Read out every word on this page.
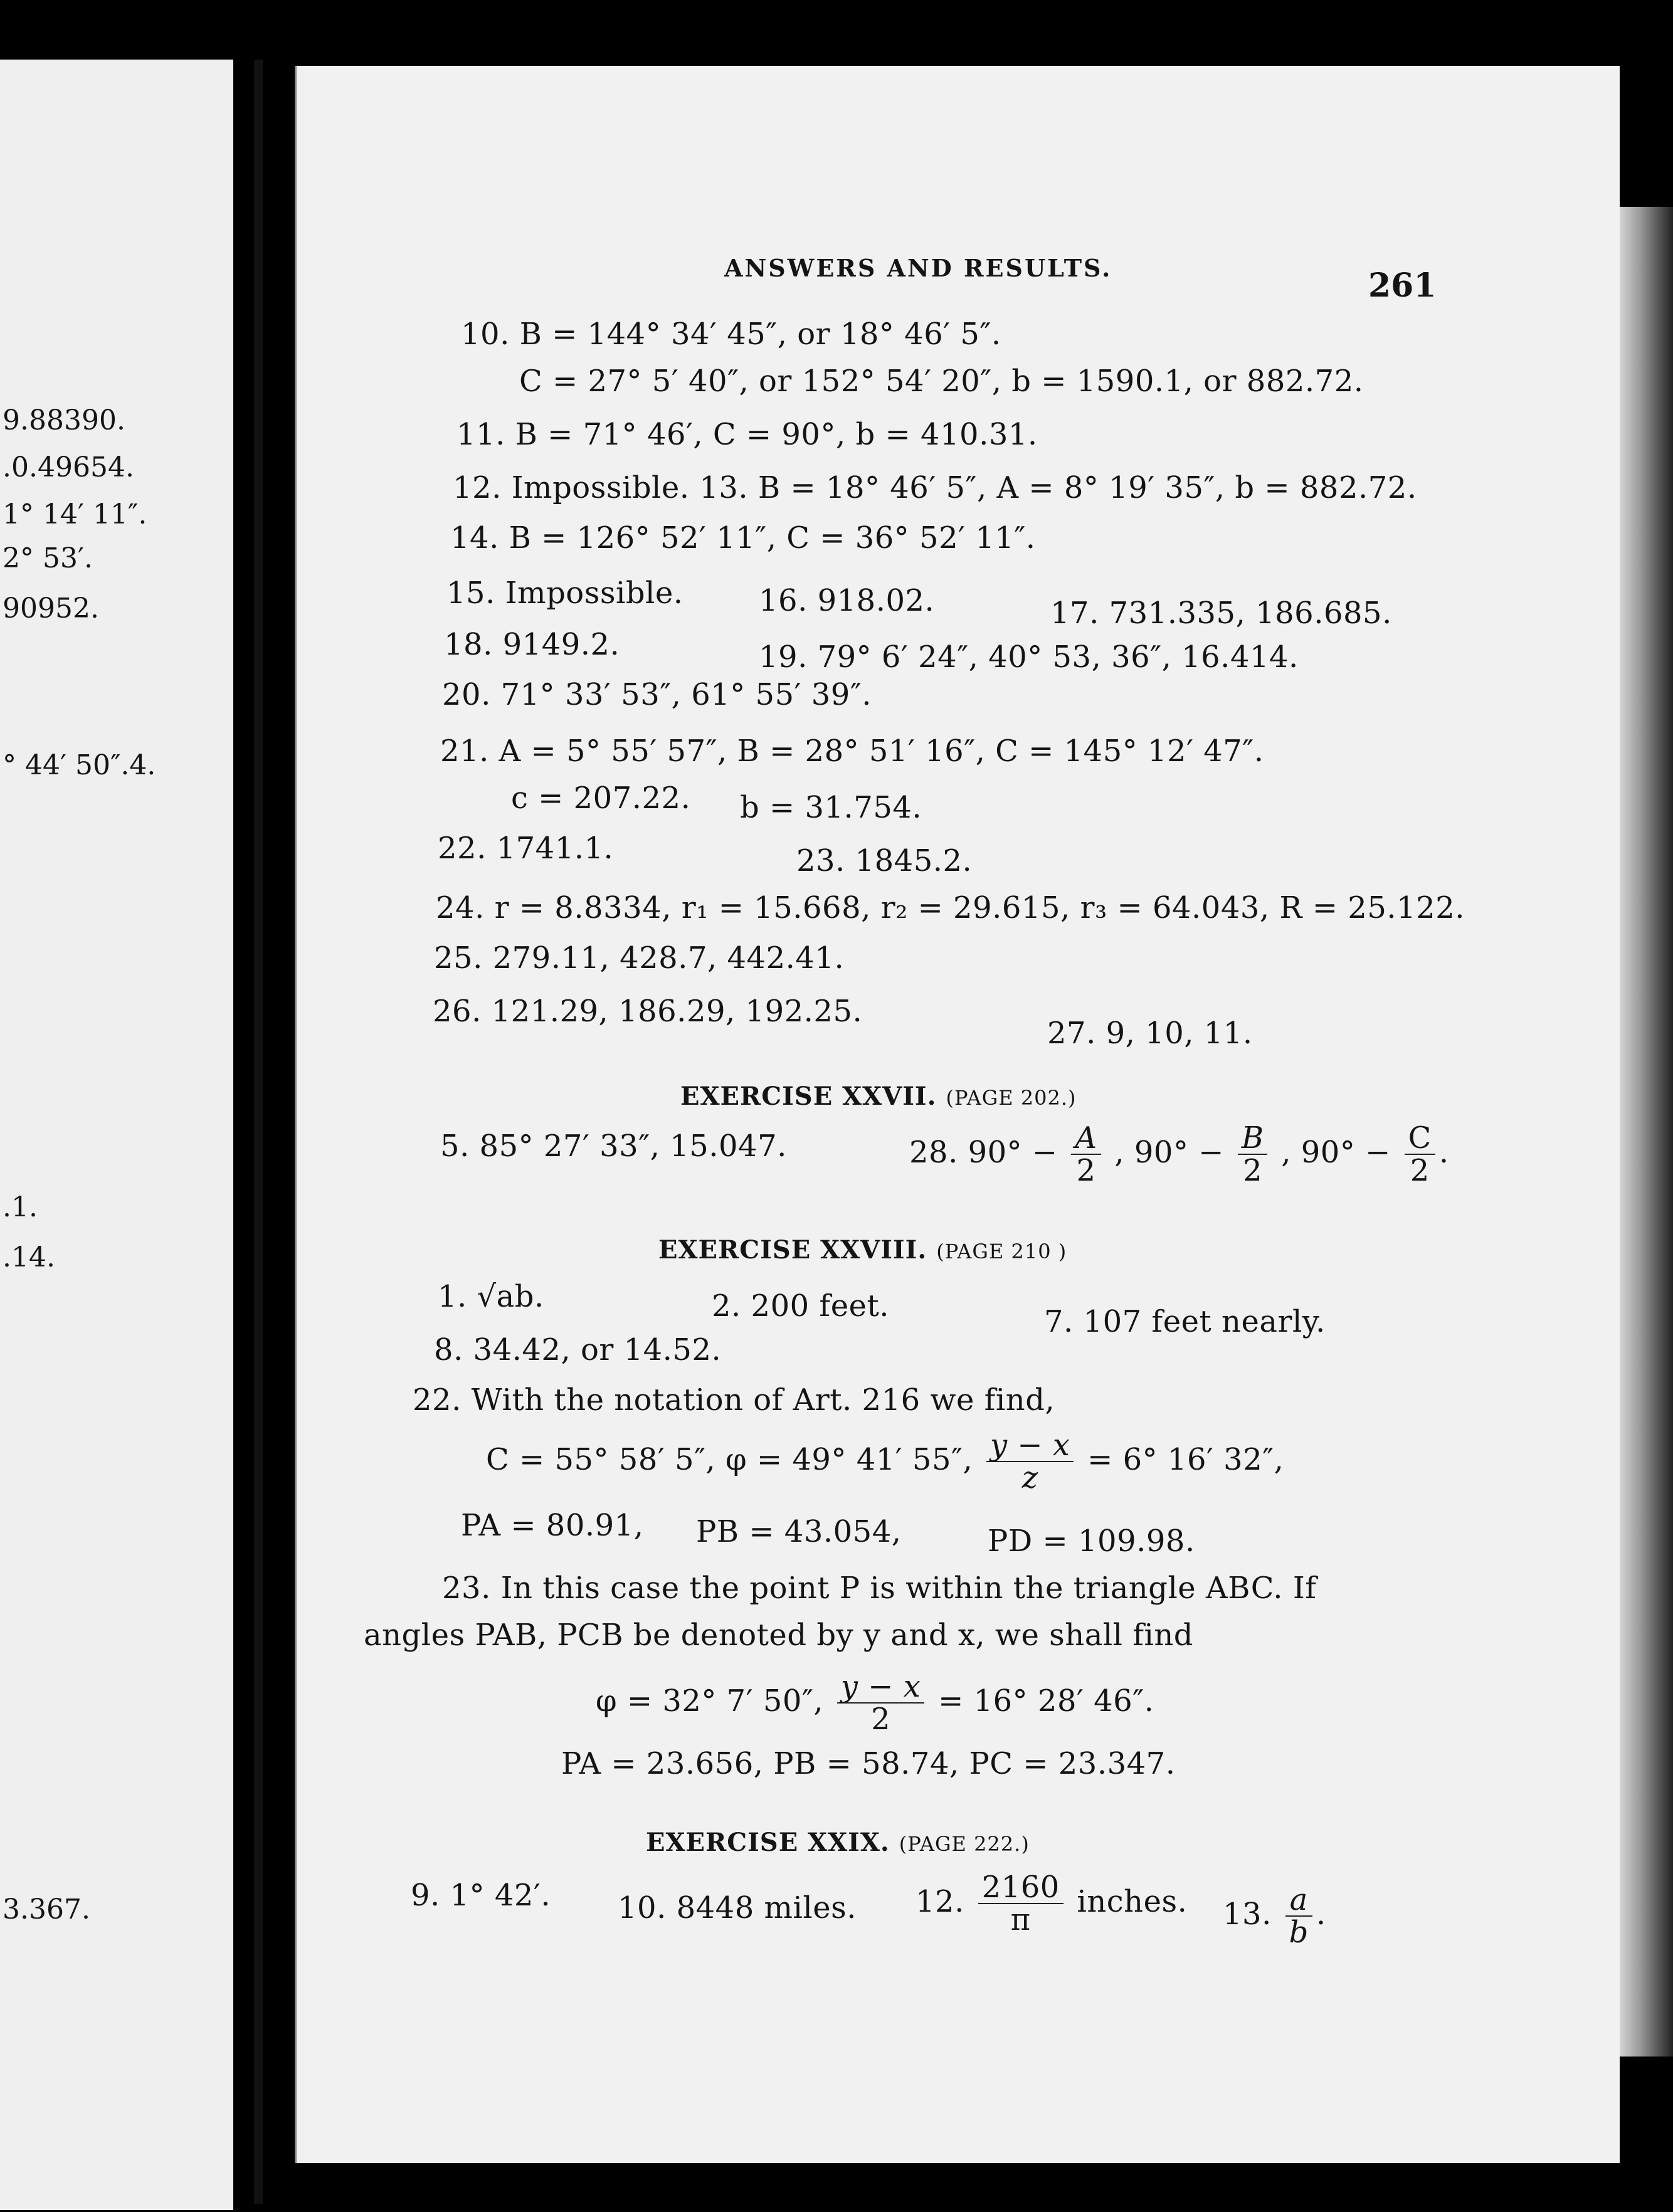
9.88390.
.0.49654.
1° 14′ 11″.
2° 53′.
90952.
° 44′ 50″.4.
.1.
.14.
3.367.
ANSWERS AND RESULTS.	261
10. B = 144° 34′ 45″, or 18° 46′ 5″.
C = 27° 5′ 40″, or 152° 54′ 20″, b = 1590.1, or 882.72.
11. B = 71° 46′, C = 90°, b = 410.31.
12. Impossible. 13. B = 18° 46′ 5″, A = 8° 19′ 35″, b = 882.72.
14. B = 126° 52′ 11″, C = 36° 52′ 11″.
15. Impossible.	16. 918.02.	17. 731.335, 186.685.
18. 9149.2.	19. 79° 6′ 24″, 40° 53, 36″, 16.414.
20. 71° 33′ 53″, 61° 55′ 39″.
21. A = 5° 55′ 57″, B = 28° 51′ 16″, C = 145° 12′ 47″.
c = 207.22. b = 31.754.
22. 1741.1.	23. 1845.2.
24. r = 8.8334, r₁ = 15.668, r₂ = 29.615, r₃ = 64.043, R = 25.122.
25. 279.11, 428.7, 442.41.
26. 121.29, 186.29, 192.25.
27. 9, 10, 11.
EXERCISE XXVII. (PAGE 202.)
5. 85° 27′ 33″, 15.047.	28. $90^\circ - \frac{A}{2}$ , $90^\circ - \frac{B}{2}$ , $90^\circ - \frac{C}{2}$ .
EXERCISE XXVIII. (PAGE 210 )
1. √ab.	2. 200 feet.	7. 107 feet nearly.
8. 34.42, or 14.52.
22. With the notation of Art. 216 we find,
C = 55° 58′ 5″, φ = 49° 41′ 55″, $\frac{y - x}{z} = 6^\circ$ 16′ 32″,
PA = 80.91, PB = 43.054,	PD = 109.98.
23. In this case the point P is within the triangle ABC. If
angles PAB, PCB be denoted by y and x, we shall find
φ = 32° 7′ 50″, $\frac{y - x}{2} = 16^\circ$ 28′ 46″.
PA = 23.656, PB = 58.74, PC = 23.347.
EXERCISE XXIX. (PAGE 222.)
9. 1° 42′. 10. 8448 miles. 12. $\frac{2160}{\pi}$ inches. 13. $\frac{a}{b}$ .
